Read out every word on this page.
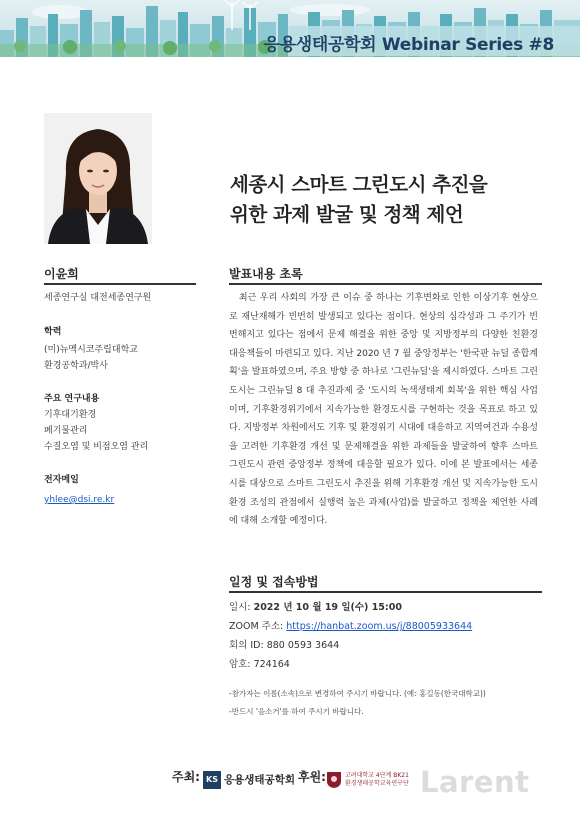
응용생태공학회 Webinar Series #8
세종시 스마트 그린도시 추진을
위한 과제 발굴 및 정책 제언
이윤희
세종연구실 대전세종연구원
학력
(미)뉴멕시코주립대학교
환경공학과/박사
주요 연구내용
기후대기환경
폐기물관리
수질오염 및 비점오염 관리
전자메일
yhlee@dsi.re.kr
발표내용 초록
최근 우리 사회의 가장 큰 이슈 중 하나는 기후변화로 인한 이상기후 현상으로 재난재해가 빈번히 발생되고 있다는 점이다. 현상의 심각성과 그 주기가 빈번해지고 있다는 점에서 문제 해결을 위한 중앙 및 지방정부의 다양한 친환경 대응책들이 마련되고 있다. 지난 2020 년 7 월 중앙정부는 '한국판 뉴딜 종합계획'을 발표하였으며, 주요 방향 중 하나로 '그린뉴딜'을 제시하였다. 스마트 그린도시는 그린뉴딜 8 대 추진과제 중 '도시의 녹색생태계 회복'을 위한 핵심 사업이며, 기후환경위기에서 지속가능한 환경도시를 구현하는 것을 목표로 하고 있다. 지방정부 차원에서도 기후 및 환경위기 시대에 대응하고 지역여건과 수용성을 고려한 기후환경 개선 및 문제해결을 위한 과제들을 발굴하여 향후 스마트 그린도시 관련 중앙정부 정책에 대응할 필요가 있다. 이에 본 발표에서는 세종시를 대상으로 스마트 그린도시 추진을 위해 기후환경 개선 및 지속가능한 도시환경 조성의 관점에서 실행력 높은 과제(사업)를 발굴하고 정책을 제언한 사례에 대해 소개할 예정이다.
일정 및 접속방법
일시: 2022 년 10 월 19 일(수) 15:00
ZOOM 주소: https://hanbat.zoom.us/j/88005933644
회의 ID: 880 0593 3644
암호: 724164
-참가자는 이름(소속)으로 변경하여 주시기 바랍니다. (예: 홍길동(한국대학교))
-반드시 '음소거'를 하여 주시기 바랍니다.
주최: KS 응용생태공학회 후원:	고려대학교 4단계 BK21
환경생태공학교육연구단 Larent
